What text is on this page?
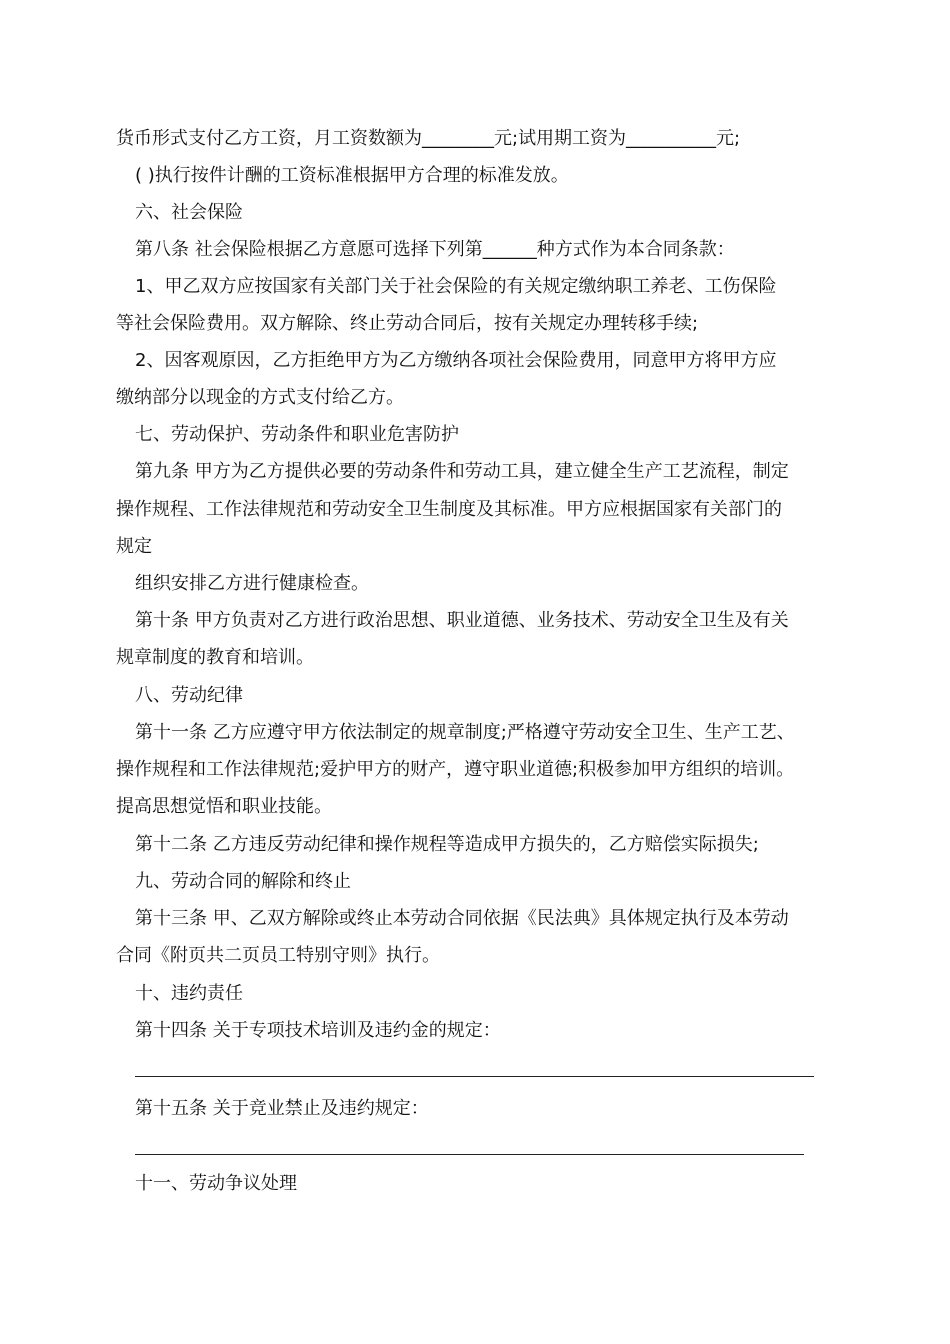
货币形式支付乙方工资，月工资数额为________元;试用期工资为__________元;
( )执行按件计酬的工资标准根据甲方合理的标准发放。
六、社会保险
第八条 社会保险根据乙方意愿可选择下列第______种方式作为本合同条款：
1、甲乙双方应按国家有关部门关于社会保险的有关规定缴纳职工养老、工伤保险
等社会保险费用。双方解除、终止劳动合同后，按有关规定办理转移手续;
2、因客观原因，乙方拒绝甲方为乙方缴纳各项社会保险费用，同意甲方将甲方应
缴纳部分以现金的方式支付给乙方。
七、劳动保护、劳动条件和职业危害防护
第九条 甲方为乙方提供必要的劳动条件和劳动工具，建立健全生产工艺流程，制定
操作规程、工作法律规范和劳动安全卫生制度及其标准。甲方应根据国家有关部门的
规定
组织安排乙方进行健康检查。
第十条 甲方负责对乙方进行政治思想、职业道德、业务技术、劳动安全卫生及有关
规章制度的教育和培训。
八、劳动纪律
第十一条 乙方应遵守甲方依法制定的规章制度;严格遵守劳动安全卫生、生产工艺、
操作规程和工作法律规范;爱护甲方的财产，遵守职业道德;积极参加甲方组织的培训。
提高思想觉悟和职业技能。
第十二条 乙方违反劳动纪律和操作规程等造成甲方损失的，乙方赔偿实际损失;
九、劳动合同的解除和终止
第十三条 甲、乙双方解除或终止本劳动合同依据《民法典》具体规定执行及本劳动
合同《附页共二页员工特别守则》执行。
十、违约责任
第十四条 关于专项技术培训及违约金的规定：
第十五条 关于竞业禁止及违约规定：
十一、劳动争议处理
